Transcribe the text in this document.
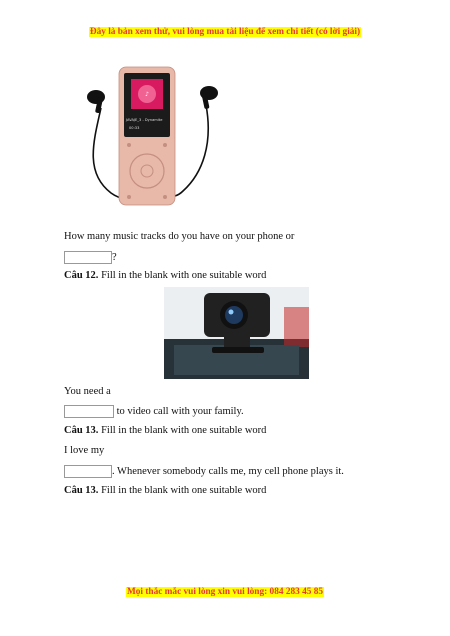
Đây là bản xem thử, vui lòng mua tài liệu để xem chi tiết (có lời giải)
♪
JAVAJE_3 - Dynamite
00:33
How many music tracks do you have on your phone or
?
Câu 12. Fill in the blank with one suitable word
You need a
to video call with your family.
Câu 13. Fill in the blank with one suitable word
I love my
. Whenever somebody calls me, my cell phone plays it.
Câu 13. Fill in the blank with one suitable word
Mọi thắc mắc vui lòng xin vui lòng: 084 283 45 85
